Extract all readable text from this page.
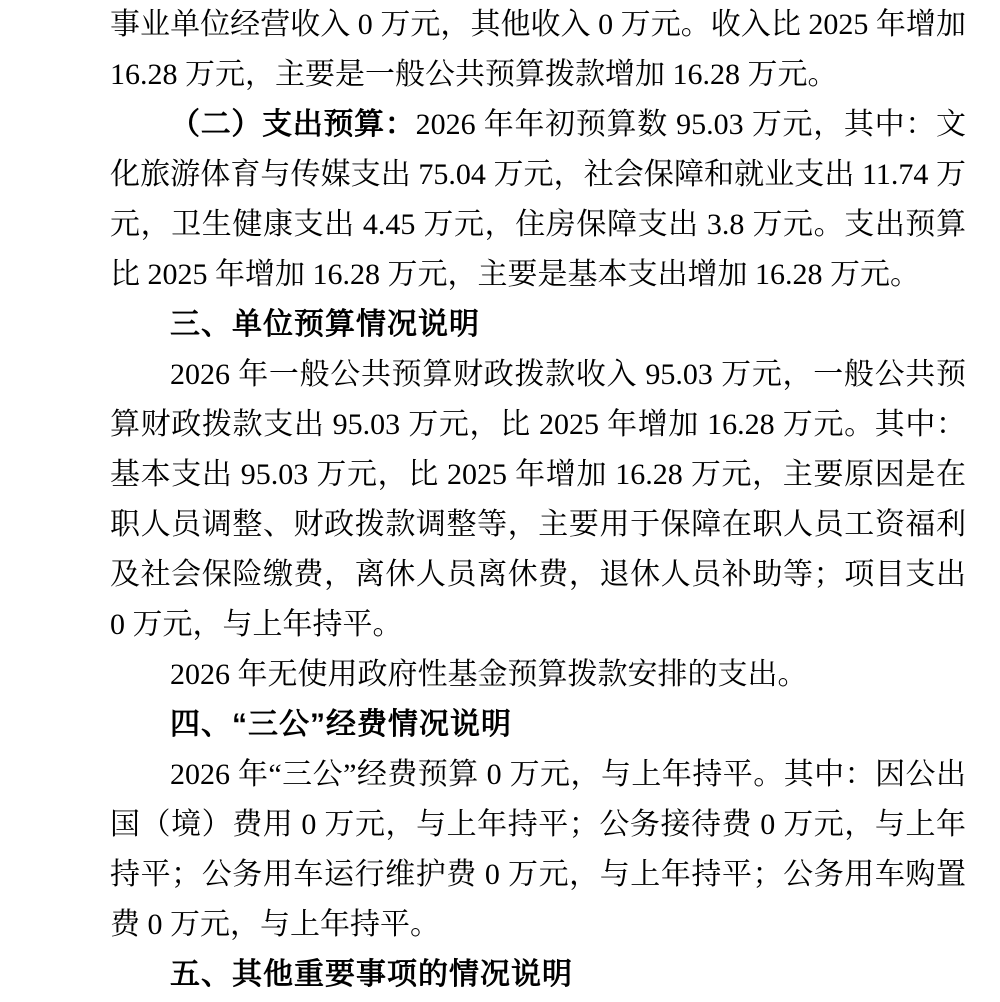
事业单位经营收入 0 万元，其他收入 0 万元。收入比 2025 年增加 16.28 万元，主要是一般公共预算拨款增加 16.28 万元。

（二）支出预算：2026 年年初预算数 95.03 万元，其中：文化旅游体育与传媒支出 75.04 万元，社会保障和就业支出 11.74 万元，卫生健康支出 4.45 万元，住房保障支出 3.8 万元。支出预算比 2025 年增加 16.28 万元，主要是基本支出增加 16.28 万元。

三、单位预算情况说明

2026 年一般公共预算财政拨款收入 95.03 万元，一般公共预算财政拨款支出 95.03 万元，比 2025 年增加 16.28 万元。其中：基本支出 95.03 万元，比 2025 年增加 16.28 万元，主要原因是在职人员调整、财政拨款调整等，主要用于保障在职人员工资福利及社会保险缴费，离休人员离休费，退休人员补助等；项目支出 0 万元，与上年持平。

2026 年无使用政府性基金预算拨款安排的支出。

四、“三公”经费情况说明

2026 年“三公”经费预算 0 万元，与上年持平。其中：因公出国（境）费用 0 万元，与上年持平；公务接待费 0 万元，与上年持平；公务用车运行维护费 0 万元，与上年持平；公务用车购置费 0 万元，与上年持平。

五、其他重要事项的情况说明
